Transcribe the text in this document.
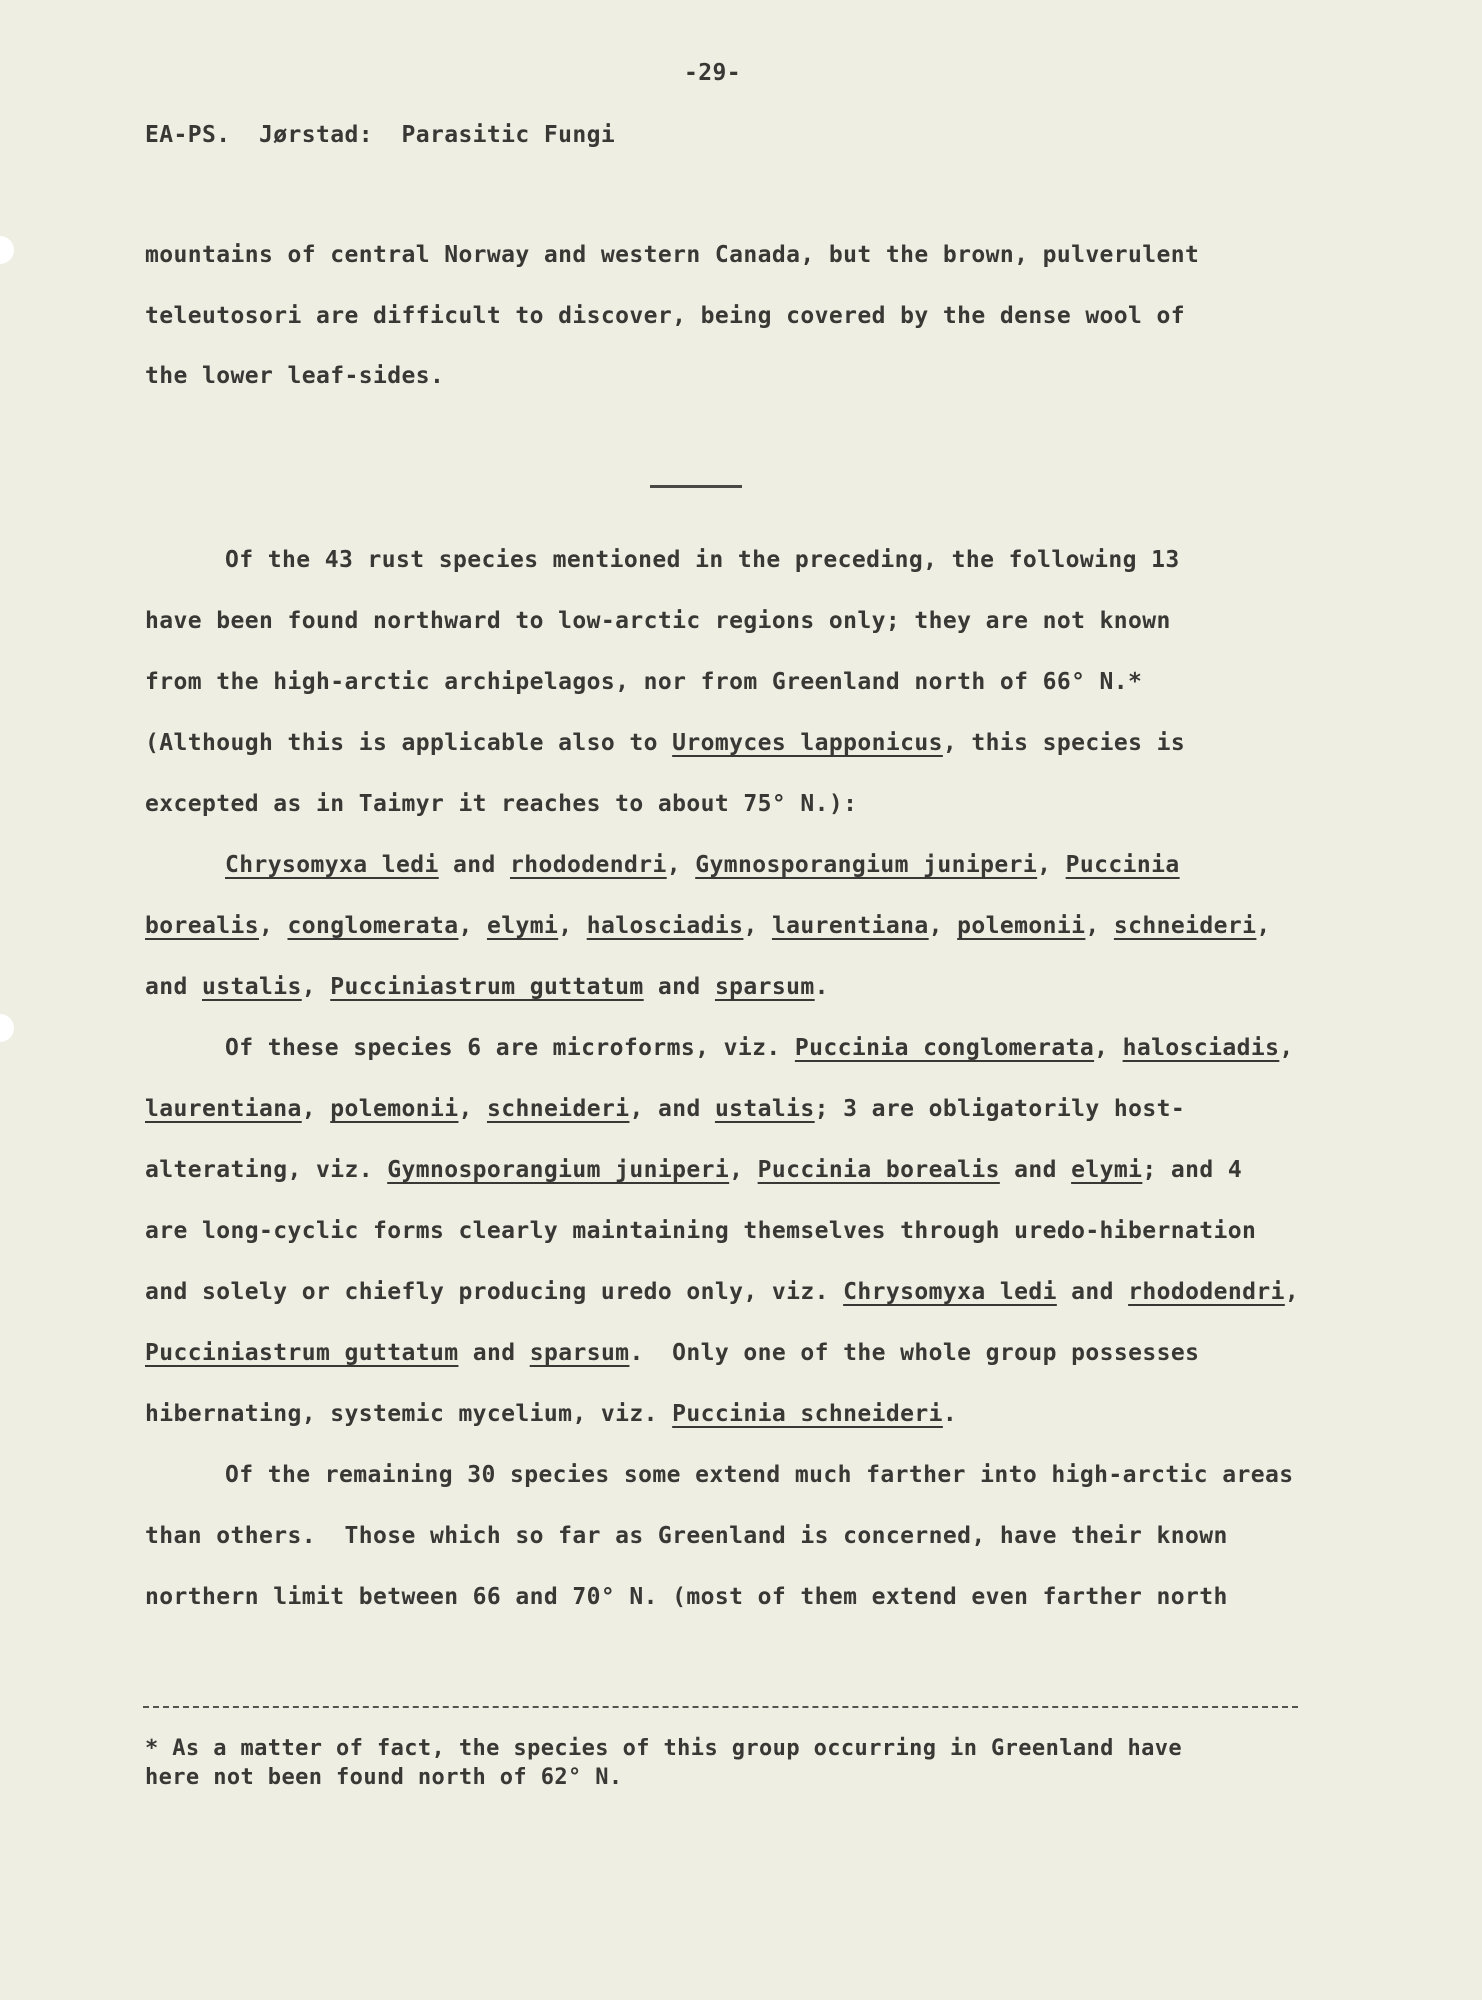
-29-
EA-PS.  Jørstad:  Parasitic Fungi
mountains of central Norway and western Canada, but the brown, pulverulent
teleutosori are difficult to discover, being covered by the dense wool of
the lower leaf-sides.
Of the 43 rust species mentioned in the preceding, the following 13
have been found northward to low-arctic regions only; they are not known
from the high-arctic archipelagos, nor from Greenland north of 66° N.*
(Although this is applicable also to Uromyces lapponicus, this species is
excepted as in Taimyr it reaches to about 75° N.):
Chrysomyxa ledi and rhododendri, Gymnosporangium juniperi, Puccinia
borealis, conglomerata, elymi, halosciadis, laurentiana, polemonii, schneideri,
and ustalis, Pucciniastrum guttatum and sparsum.
Of these species 6 are microforms, viz. Puccinia conglomerata, halosciadis,
laurentiana, polemonii, schneideri, and ustalis; 3 are obligatorily host-
alterating, viz. Gymnosporangium juniperi, Puccinia borealis and elymi; and 4
are long-cyclic forms clearly maintaining themselves through uredo-hibernation
and solely or chiefly producing uredo only, viz. Chrysomyxa ledi and rhododendri,
Pucciniastrum guttatum and sparsum.  Only one of the whole group possesses
hibernating, systemic mycelium, viz. Puccinia schneideri.
Of the remaining 30 species some extend much farther into high-arctic areas
than others.  Those which so far as Greenland is concerned, have their known
northern limit between 66 and 70° N. (most of them extend even farther north
* As a matter of fact, the species of this group occurring in Greenland have
here not been found north of 62° N.
